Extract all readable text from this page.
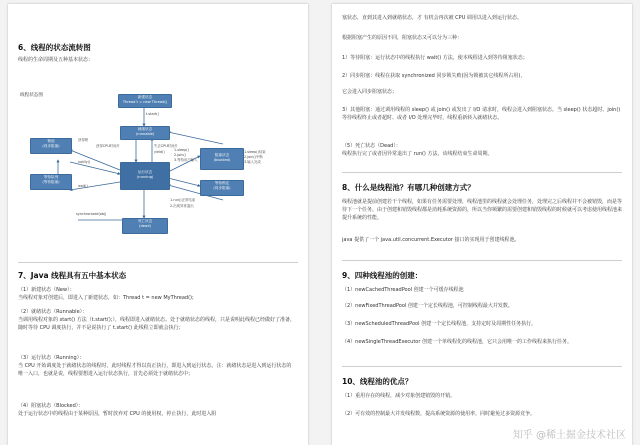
6、线程的状态流转图
线程的生命周期及五种基本状态：
线程状态图	新建状态
Thread t = new Thread()
就绪状态
(runnable)
运行状态
(running)
锁池
(同步阻塞)
等待队列
(等待阻塞)
阻塞状态
(blocked)
等待锁定
(同步阻塞)
死亡状态
(dead)
t.start()
获得CPU时间片	失去CPU时间片
1.run()正常结束
2.出现异常退出
1.sleep()
2.join()
3.等待用户输入
1.sleep()结束
2.join()中断
3.输入完成
synchronized(obj)
wait()
notify()
获得锁
yield()
7、Java 线程具有五中基本状态

（1）新建状态（New）：

当线程对象对创建后，即进入了新建状态，如：Thread t = new MyThread();

（2）就绪状态（Runnable）：

当调用线程对象的 start() 方法（t.start();），线程即进入就绪状态。处于就绪状态的线程，只是说明此线程已经做好了准备，随时等待 CPU 调度执行，并不是说执行了 t.start() 此线程立即就会执行；

（3）运行状态（Running）：

当 CPU 开始调度处于就绪状态的线程时，此时线程才得以真正执行，即进入到运行状态。注：就绪状态是进入到运行状态的唯一入口，也就是说，线程要想进入运行状态执行，首先必须处于就绪状态中；

（4）阻塞状态（Blocked）：

处于运行状态中的线程由于某种原因，暂时放弃对 CPU 的使用权，停止执行，此时进入阻

塞状态，直到其进入到就绪状态，才 有机会再次被 CPU 调用以进入到运行状态。
根据阻塞产生的原因不同，阻塞状态又可以分为三种：
1）等待阻塞：运行状态中的线程执行 wait() 方法，使本线程进入到等待阻塞状态；
2）同步阻塞：线程在获取 synchronized 同步锁失败(因为锁被其它线程所占用)，
它会进入同步阻塞状态；
3）其他阻塞：通过调用线程的 sleep() 或 join() 或发出了 I/O 请求时，线程会进入到阻塞状态。当 sleep() 状态超时、join() 等待线程终止或者超时、或者 I/O 处理完毕时，线程重新转入就绪状态。

（5）死亡状态（Dead）：

线程执行完了或者因异常退出了 run() 方法，该线程结束生命周期。

8、什么是线程池？有哪几种创建方式？
线程池就是提前创建若干个线程，如果有任务需要处理，线程池里的线程就会处理任务，处理完之后线程并不会被销毁，而是等待下一个任务。由于创建和销毁线程都是消耗系统资源的，所以当你频繁的需要创建和销毁线程的时候就可以考虑使用线程池来提升系统的性能。
java 提供了一个 java.util.concurrent.Executor 接口的实现用于创建线程池。
9、四种线程池的创建：
（1）newCachedThreadPool 创建一个可缓存线程池
（2）newFixedThreadPool 创建一个定长线程池，可控制线程最大并发数。
（3）newScheduledThreadPool 创建一个定长线程池，支持定时及周期性任务执行。
（4）newSingleThreadExecutor 创建一个单线程化的线程池，它只会用唯一的工作线程来执行任务。
10、线程池的优点？
（1）重用存在的线程，减少对象创建销毁的开销。
（2）可有效的控制最大并发线程数，提高系统资源的使用率，同时避免过多资源竞争。
知乎 @稀土掘金技术社区
